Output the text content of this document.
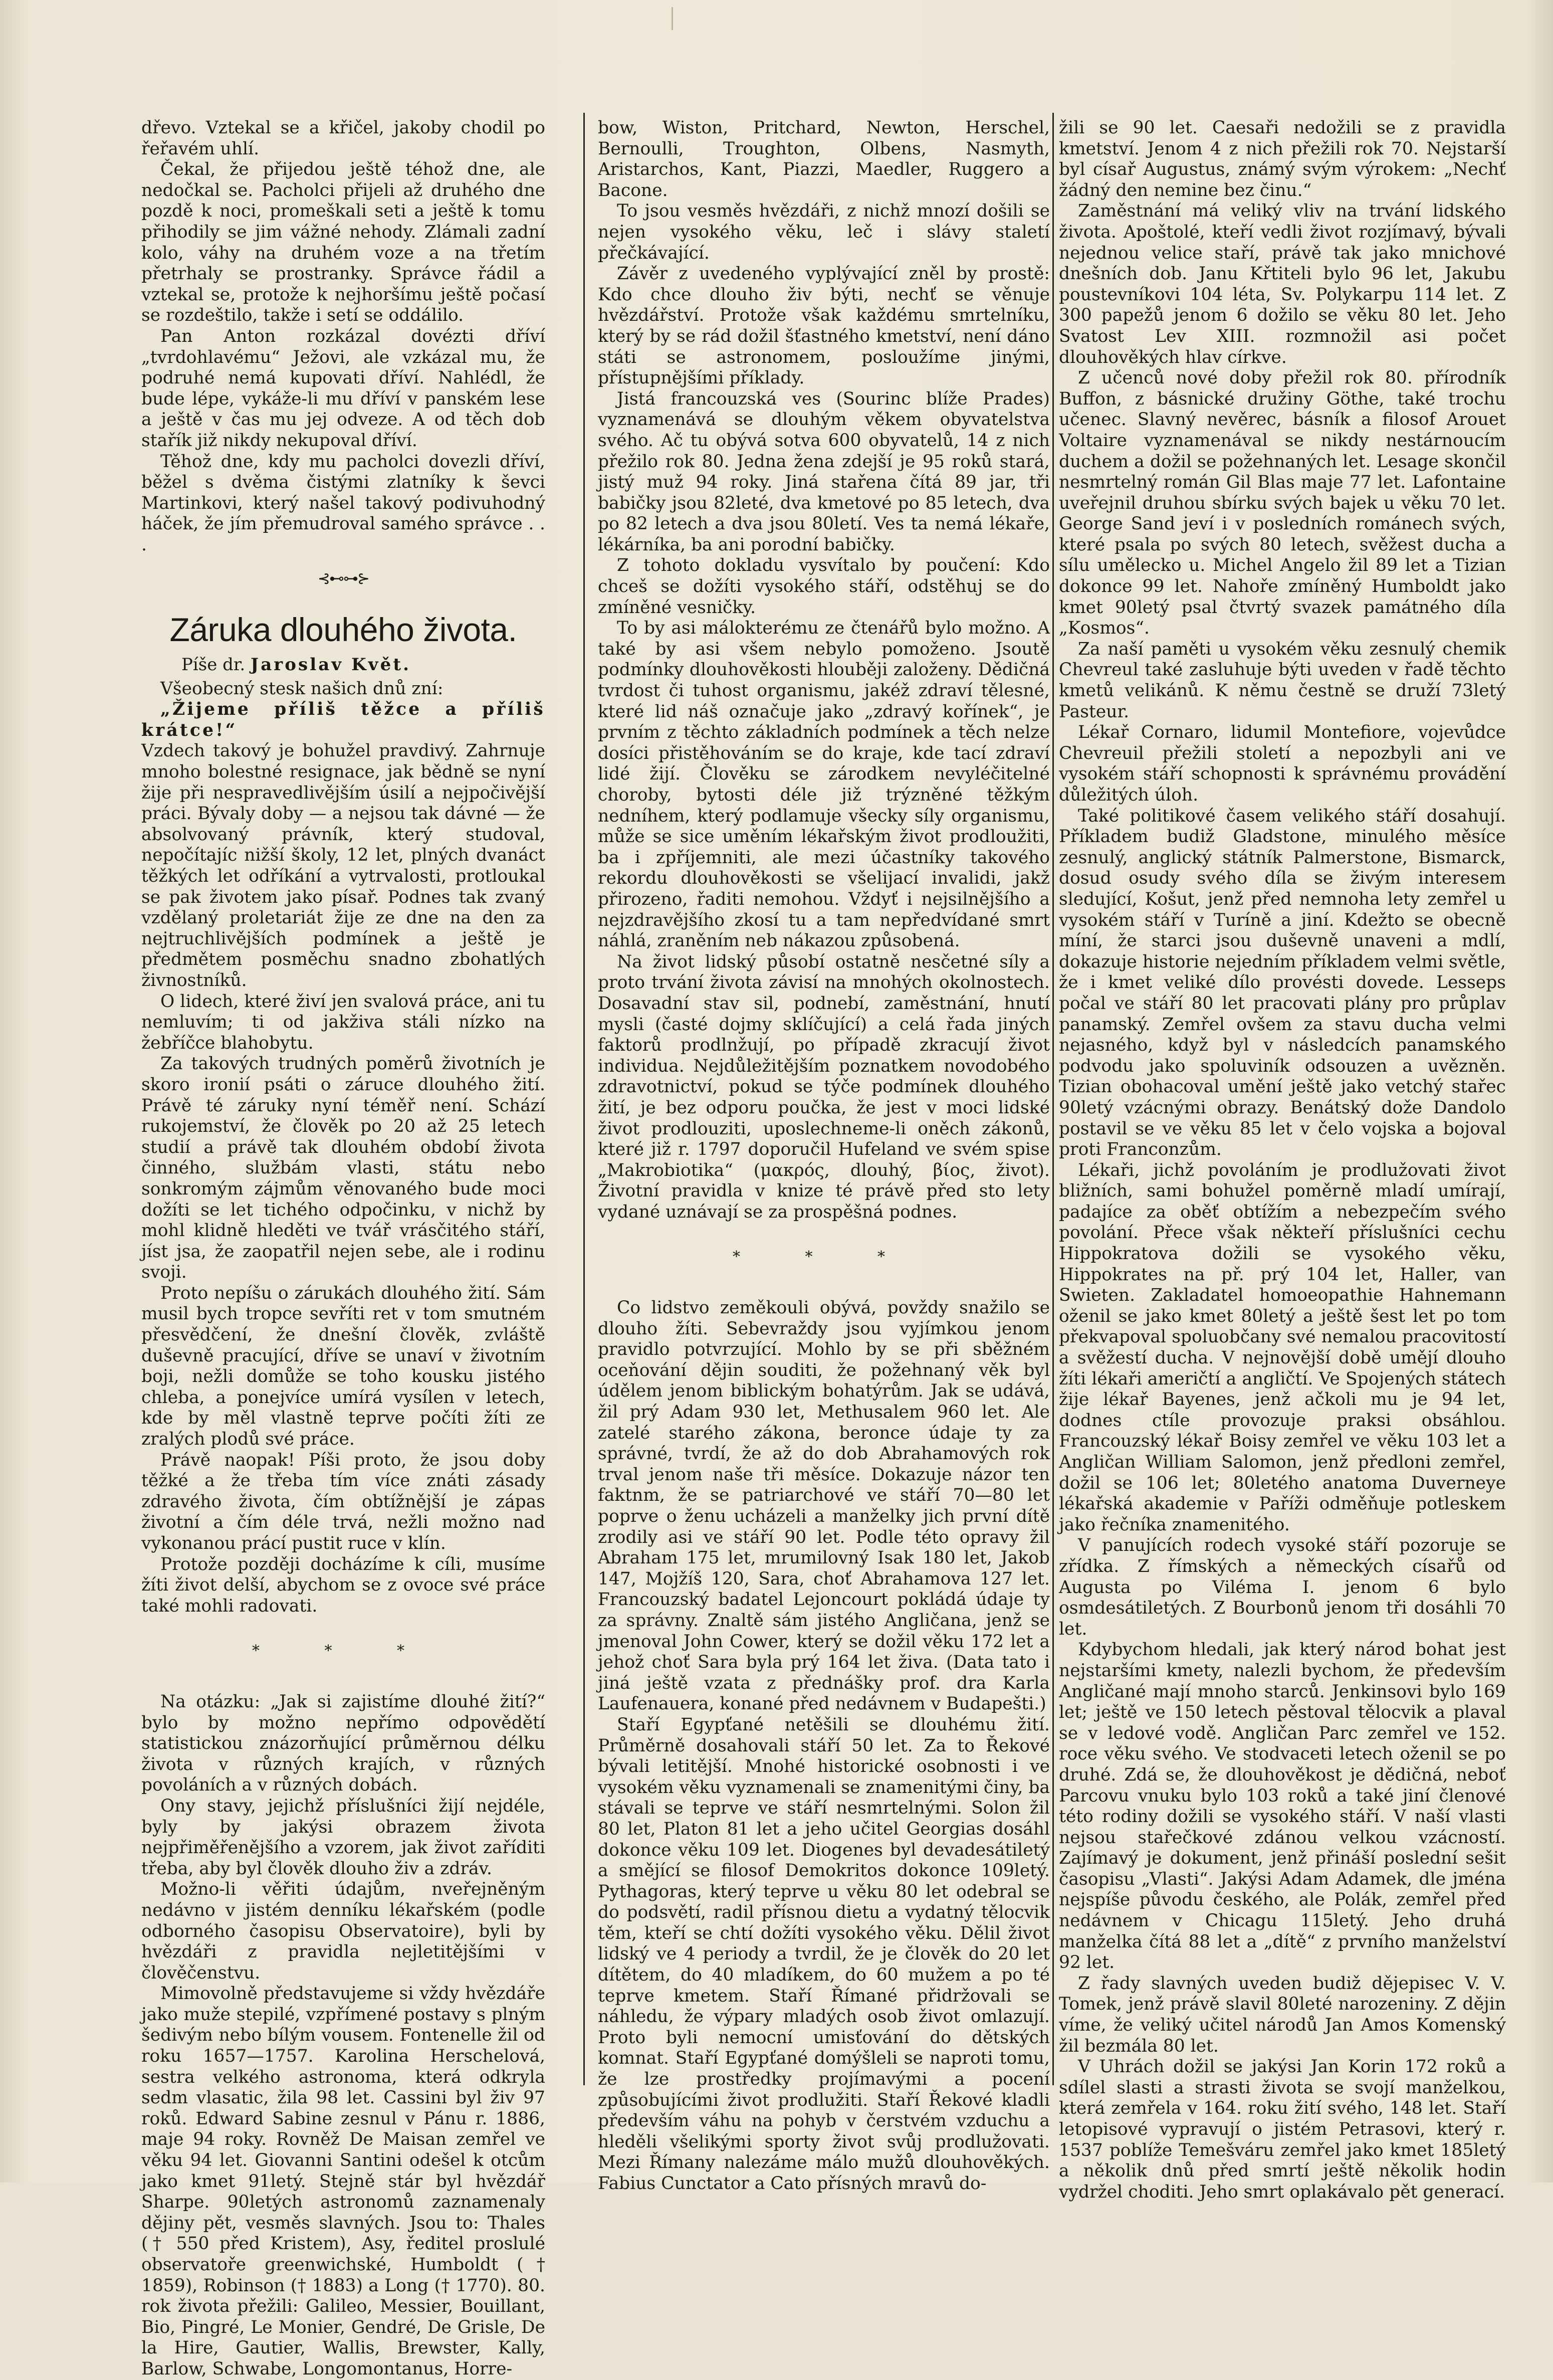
dřevo. Vztekal se a křičel, jakoby chodil po řeřavém uhlí.

Čekal, že přijedou ještě téhož dne, ale nedočkal se. Pacholci přijeli až druhého dne pozdě k noci, promeškali seti a ještě k tomu přihodily se jim vážné nehody. Zlámali zadní kolo, váhy na druhém voze a na třetím přetrhaly se prostranky. Správce řádil a vztekal se, protože k nejhoršímu ještě počasí se rozdeštilo, takže i setí se oddálilo.

Pan Anton rozkázal dovézti dříví „tvrdohlavému“ Ježovi, ale vzkázal mu, že podruhé nemá kupovati dříví. Nahlédl, že bude lépe, vykáže-li mu dříví v panském lese a ještě v čas mu jej odveze. A od těch dob stařík již nikdy nekupoval dříví.

Těhož dne, kdy mu pacholci dovezli dříví, běžel s dvěma čistými zlatníky k ševci Martinkovi, který našel takový podivuhodný háček, že jím přemudroval samého správce . . .

⊰⊷⊶⊱

Záruka dlouhého života.

Píše dr. Jaroslav Květ.

Všeobecný stesk našich dnů zní:

„Žijeme příliš těžce a příliš krátce!“

Vzdech takový je bohužel pravdivý. Zahrnuje mnoho bolestné resignace, jak bědně se nyní žije při nespravedlivějším úsilí a nejpočivější práci. Bývaly doby — a nejsou tak dávné — že absolvovaný právník, který studoval, nepočítajíc nižší školy, 12 let, plných dvanáct těžkých let odříkání a vytrvalosti, protloukal se pak životem jako písař. Podnes tak zvaný vzdělaný proletariát žije ze dne na den za nejtruchlivějších podmínek a ještě je předmětem posměchu snadno zbohatlých živnostníků.

O lidech, které živí jen svalová práce, ani tu nemluvím; ti od jakživa stáli nízko na žebříčce blahobytu.

Za takových trudných poměrů životních je skoro ironií psáti o záruce dlouhého žití. Právě té záruky nyní téměř není. Schází rukojemství, že člověk po 20 až 25 letech studií a právě tak dlouhém období života činného, službám vlasti, státu nebo sonkromým zájmům věnovaného bude moci dožíti se let tichého odpočinku, v nichž by mohl klidně hleděti ve tvář vrásčitého stáří, jíst jsa, že zaopatřil nejen sebe, ale i rodinu svoji.

Proto nepíšu o zárukách dlouhého žití. Sám musil bych tropce sevříti ret v tom smutném přesvědčení, že dnešní člověk, zvláště duševně pracující, dříve se unaví v životním boji, nežli domůže se toho kousku jistého chleba, a ponejvíce umírá vysílen v letech, kde by měl vlastně teprve počíti žíti ze zralých plodů své práce.

Právě naopak! Píši proto, že jsou doby těžké a že třeba tím více znáti zásady zdravého života, čím obtížnější je zápas životní a čím déle trvá, nežli možno nad vykonanou prácí pustit ruce v klín.

Protože později docházíme k cíli, musíme žíti život delší, abychom se z ovoce své práce také mohli radovati.

* * *

Na otázku: „Jak si zajistíme dlouhé žití?“ bylo by možno nepřímo odpovědětí statistickou znázorňující průměrnou délku života v různých krajích, v různých povoláních a v různých dobách.

Ony stavy, jejichž příslušníci žijí nejdéle, byly by jakýsi obrazem života nejpřiměřenějšího a vzorem, jak život zaříditi třeba, aby byl člověk dlouho živ a zdráv.

Možno-li věřiti údajům, nveřejněným nedávno v jistém denníku lékařském (podle odborného časopisu Observatoire), byli by hvězdáři z pravidla nejletitějšími v člověčenstvu.

Mimovolně představujeme si vždy hvězdáře jako muže stepilé, vzpřímené postavy s plným šedivým nebo bílým vousem. Fontenelle žil od roku 1657—1757. Karolina Herschelová, sestra velkého astronoma, která odkryla sedm vlasatic, žila 98 let. Cassini byl živ 97 roků. Edward Sabine zesnul v Pánu r. 1886, maje 94 roky. Rovněž De Maisan zemřel ve věku 94 let. Giovanni Santini odešel k otcům jako kmet 91letý. Stejně stár byl hvězdář Sharpe. 90letých astronomů zaznamenaly dějiny pět, vesměs slavných. Jsou to: Thales († 550 před Kristem), Asy, ředitel proslulé observatoře greenwichské, Humboldt († 1859), Robinson († 1883) a Long († 1770). 80. rok života přežili: Galileo, Messier, Bouillant, Bio, Pingré, Le Monier, Gendré, De Grisle, De la Hire, Gautier, Wallis, Brewster, Kally, Barlow, Schwabe, Longomontanus, Horre-

bow, Wiston, Pritchard, Newton, Herschel, Bernoulli, Troughton, Olbens, Nasmyth, Aristarchos, Kant, Piazzi, Maedler, Ruggero a Bacone.

To jsou vesměs hvězdáři, z nichž mnozí došili se nejen vysokého věku, leč i slávy staletí přečkávající.

Závěr z uvedeného vyplývající zněl by prostě: Kdo chce dlouho živ býti, nechť se věnuje hvězdářství. Protože však každému smrtelníku, který by se rád dožil šťastného kmetství, není dáno státi se astronomem, posloužíme jinými, přístupnějšími příklady.

Jistá francouzská ves (Sourinc blíže Prades) vyznamenává se dlouhým věkem obyvatelstva svého. Ač tu obývá sotva 600 obyvatelů, 14 z nich přežilo rok 80. Jedna žena zdejší je 95 roků stará, jistý muž 94 roky. Jiná stařena čítá 89 jar, tři babičky jsou 82leté, dva kmetové po 85 letech, dva po 82 letech a dva jsou 80letí. Ves ta nemá lékaře, lékárníka, ba ani porodní babičky.

Z tohoto dokladu vysvítalo by poučení: Kdo chceš se dožíti vysokého stáří, odstěhuj se do zmíněné vesničky.

To by asi málokterému ze čtenářů bylo možno. A také by asi všem nebylo pomoženo. Jsoutě podmínky dlouhověkosti hlouběji založeny. Dědičná tvrdost či tuhost organismu, jakéž zdraví tělesné, které lid náš označuje jako „zdravý kořínek“, je prvním z těchto základních podmínek a těch nelze dosíci přistěhováním se do kraje, kde tací zdraví lidé žijí. Člověku se zárodkem nevyléčitelné choroby, bytosti déle již trýzněné těžkým nedníhem, který podlamuje všecky síly organismu, může se sice uměním lékařským život prodloužiti, ba i zpříjemniti, ale mezi účastníky takového rekordu dlouhověkosti se všelijací invalidi, jakž přirozeno, řaditi nemohou. Vždyť i nejsilnějšího a nejzdravějšího zkosí tu a tam nepředvídané smrt náhlá, zraněním neb nákazou způsobená.

Na život lidský působí ostatně nesčetné síly a proto trvání života závisí na mnohých okolnostech. Dosavadní stav sil, podnebí, zaměstnání, hnutí mysli (časté dojmy sklíčující) a celá řada jiných faktorů prodlnžují, po případě zkracují život individua. Nejdůležitějším poznatkem novodobého zdravotnictví, pokud se týče podmínek dlouhého žití, je bez odporu poučka, že jest v moci lidské život prodlouziti, uposlechneme-li oněch zákonů, které již r. 1797 doporučil Hufeland ve svém spise „Makrobiotika“ (μακρός, dlouhý, βίος, život). Životní pravidla v knize té právě před sto lety vydané uznávají se za prospěšná podnes.

* * *

Co lidstvo zeměkouli obývá, povždy snažilo se dlouho žíti. Sebevraždy jsou vyjímkou jenom pravidlo potvrzující. Mohlo by se při sběžném oceňování dějin souditi, že požehnaný věk byl údělem jenom biblickým bohatýrům. Jak se udává, žil prý Adam 930 let, Methusalem 960 let. Ale zatelé starého zákona, beronce údaje ty za správné, tvrdí, že až do dob Abrahamových rok trval jenom naše tři měsíce. Dokazuje názor ten faktnm, že se patriarchové ve stáří 70—80 let poprve o ženu ucházeli a manželky jich první dítě zrodily asi ve stáří 90 let. Podle této opravy žil Abraham 175 let, mrumilovný Isak 180 let, Jakob 147, Mojžíš 120, Sara, choť Abrahamova 127 let. Francouzský badatel Lejoncourt pokládá údaje ty za správny. Znaltě sám jistého Angličana, jenž se jmenoval John Cower, který se dožil věku 172 let a jehož choť Sara byla prý 164 let živa. (Data tato i jiná ještě vzata z přednášky prof. dra Karla Laufenauera, konané před nedávnem v Budapešti.)

Staří Egypťané netěšili se dlouhému žití. Průměrně dosahovali stáří 50 let. Za to Řekové bývali letitější. Mnohé historické osobnosti i ve vysokém věku vyznamenali se znamenitými činy, ba stávali se teprve ve stáří nesmrtelnými. Solon žil 80 let, Platon 81 let a jeho učitel Georgias dosáhl dokonce věku 109 let. Diogenes byl devadesátiletý a smějící se filosof Demokritos dokonce 109letý. Pythagoras, který teprve u věku 80 let odebral se do podsvětí, radil přísnou dietu a vydatný tělocvik těm, kteří se chtí dožíti vysokého věku. Dělil život lidský ve 4 periody a tvrdil, že je člověk do 20 let dítětem, do 40 mladíkem, do 60 mužem a po té teprve kmetem. Staří Římané přidržovali se náhledu, že výpary mladých osob život omlazují. Proto byli nemocní umisťování do dětských komnat. Staří Egypťané domýšleli se naproti tomu, že lze prostředky projímavými a pocení způsobujícími život prodlužiti. Staří Řekové kladli především váhu na pohyb v čerstvém vzduchu a hleděli všelikými sporty život svůj prodlužovati. Mezi Římany nalezáme málo mužů dlouhověkých. Fabius Cunctator a Cato přísných mravů do-

žili se 90 let. Caesaři nedožili se z pravidla kmetství. Jenom 4 z nich přežili rok 70. Nejstarší byl císař Augustus, známý svým výrokem: „Nechť žádný den nemine bez činu.“

Zaměstnání má veliký vliv na trvání lidského života. Apoštolé, kteří vedli život rozjímavý, bývali nejednou velice staří, právě tak jako mnichové dnešních dob. Janu Křtiteli bylo 96 let, Jakubu poustevníkovi 104 léta, Sv. Polykarpu 114 let. Z 300 papežů jenom 6 dožilo se věku 80 let. Jeho Svatost Lev XIII. rozmnožil asi počet dlouhověkých hlav církve.

Z učenců nové doby přežil rok 80. přírodník Buffon, z básnické družiny Göthe, také trochu učenec. Slavný nevěrec, básník a filosof Arouet Voltaire vyznamenával se nikdy nestárnoucím duchem a dožil se požehnaných let. Lesage skončil nesmrtelný román Gil Blas maje 77 let. Lafontaine uveřejnil druhou sbírku svých bajek u věku 70 let. George Sand jeví i v posledních románech svých, které psala po svých 80 letech, svěžest ducha a sílu umělecko u. Michel Angelo žil 89 let a Tizian dokonce 99 let. Nahoře zmíněný Humboldt jako kmet 90letý psal čtvrtý svazek památného díla „Kosmos“.

Za naší paměti u vysokém věku zesnulý chemik Chevreul také zasluhuje býti uveden v řadě těchto kmetů velikánů. K němu čestně se druží 73letý Pasteur.

Lékař Cornaro, lidumil Montefiore, vojevůdce Chevreuil přežili století a nepozbyli ani ve vysokém stáří schopnosti k správnému provádění důležitých úloh.

Také politikové časem velikého stáří dosahují. Příkladem budiž Gladstone, minulého měsíce zesnulý, anglický státník Palmerstone, Bismarck, dosud osudy svého díla se živým interesem sledující, Košut, jenž před nemnoha lety zemřel u vysokém stáří v Turíně a jiní. Kdežto se obecně míní, že starci jsou duševně unaveni a mdlí, dokazuje historie nejedním příkladem velmi světle, že i kmet veliké dílo provésti dovede. Lesseps počal ve stáří 80 let pracovati plány pro průplav panamský. Zemřel ovšem za stavu ducha velmi nejasného, když byl v následcích panamského podvodu jako spoluviník odsouzen a uvězněn. Tizian obohacoval umění ještě jako vetchý stařec 90letý vzácnými obrazy. Benátský dože Dandolo postavil se ve věku 85 let v čelo vojska a bojoval proti Franconzům.

Lékaři, jichž povoláním je prodlužovati život bližních, sami bohužel poměrně mladí umírají, padajíce za oběť obtížím a nebezpečím svého povolání. Přece však někteří příslušníci cechu Hippokratova dožili se vysokého věku, Hippokrates na př. prý 104 let, Haller, van Swieten. Zakladatel homoeopathie Hahnemann oženil se jako kmet 80letý a ještě šest let po tom překvapoval spoluobčany své nemalou pracovitostí a svěžestí ducha. V nejnovější době umějí dlouho žíti lékaři američtí a angličtí. Ve Spojených státech žije lékař Bayenes, jenž ačkoli mu je 94 let, dodnes ctíle provozuje praksi obsáhlou. Francouzský lékař Boisy zemřel ve věku 103 let a Angličan William Salomon, jenž předloni zemřel, dožil se 106 let; 80letého anatoma Duverneye lékařská akademie v Paříži odměňuje potleskem jako řečníka znamenitého.

V panujících rodech vysoké stáří pozoruje se zřídka. Z římských a německých císařů od Augusta po Viléma I. jenom 6 bylo osmdesátiletých. Z Bourbonů jenom tři dosáhli 70 let.

Kdybychom hledali, jak který národ bohat jest nejstaršími kmety, nalezli bychom, že především Angličané mají mnoho starců. Jenkinsovi bylo 169 let; ještě ve 150 letech pěstoval tělocvik a plaval se v ledové vodě. Angličan Parc zemřel ve 152. roce věku svého. Ve stodvaceti letech oženil se po druhé. Zdá se, že dlouhověkost je dědičná, neboť Parcovu vnuku bylo 103 roků a také jiní členové této rodiny dožili se vysokého stáří. V naší vlasti nejsou stařečkové zdánou velkou vzácností. Zajímavý je dokument, jenž přináší poslední sešit časopisu „Vlasti“. Jakýsi Adam Adamek, dle jména nejspíše původu českého, ale Polák, zemřel před nedávnem v Chicagu 115letý. Jeho druhá manželka čítá 88 let a „dítě“ z prvního manželství 92 let.

Z řady slavných uveden budiž dějepisec V. V. Tomek, jenž právě slavil 80leté narozeniny. Z dějin víme, že veliký učitel národů Jan Amos Komenský žil bezmála 80 let.

V Uhrách dožil se jakýsi Jan Korin 172 roků a sdílel slasti a strasti života se svojí manželkou, která zemřela v 164. roku žití svého, 148 let. Staří letopisové vypravují o jistém Petrasovi, který r. 1537 poblíže Temešváru zemřel jako kmet 185letý a několik dnů před smrtí ještě několik hodin vydržel choditi. Jeho smrt oplakávalo pět generací.
